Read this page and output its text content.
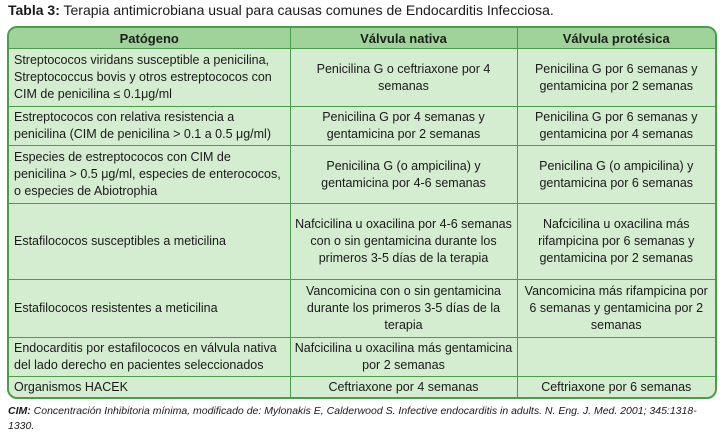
Tabla 3: Terapia antimicrobiana usual para causas comunes de Endocarditis Infecciosa.
Patógeno	Válvula nativa	Válvula protésica
Streptococos viridans susceptible a penicilina, Streptococcus bovis y otros estreptococos con CIM de penicilina ≤ 0.1μg/ml	Penicilina G o ceftriaxone por 4 semanas	Penicilina G por 6 semanas y gentamicina por 2 semanas
Estreptococos con relativa resistencia a penicilina (CIM de penicilina > 0.1 a 0.5 μg/ml)	Penicilina G por 4 semanas y gentamicina por 2 semanas	Penicilina G por 6 semanas y gentamicina por 4 semanas
Especies de estreptococos con CIM de penicilina > 0.5 μg/ml, especies de enterococos, o especies de Abiotrophia	Penicilina G (o ampicilina) y gentamicina por 4-6 semanas	Penicilina G (o ampicilina) y gentamicina por 6 semanas
Estafilococos susceptibles a meticilina	Nafcicilina u oxacilina por 4-6 semanas con o sin gentamicina durante los primeros 3-5 días de la terapia	Nafcicilina u oxacilina más rifampicina por 6 semanas y gentamicina por 2 semanas
Estafilococos resistentes a meticilina	Vancomicina con o sin gentamicina durante los primeros 3-5 días de la terapia	Vancomicina más rifampicina por 6 semanas y gentamicina por 2 semanas
Endocarditis por estafilococos en válvula nativa del lado derecho en pacientes seleccionados	Nafcicilina u oxacilina más gentamicina por 2 semanas	
Organismos HACEK	Ceftriaxone por 4 semanas	Ceftriaxone por 6 semanas
CIM: Concentración Inhibitoria mínima, modificado de: Mylonakis E, Calderwood S. Infective endocarditis in adults. N. Eng. J. Med. 2001; 345:1318-1330.
